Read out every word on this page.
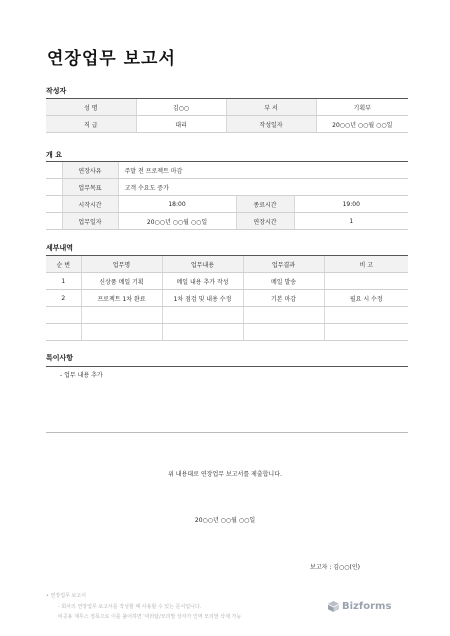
연장업무 보고서
작성자
성 명	김○○	부 서	기획부
직 급	대리	작성일자	20○○년 ○○월 ○○일
개 요
	연장사유	주말 전 프로젝트 마감		
	업무목표	고객 수요도 증가		
	시작시간	18:00	종료시간	19:00
	업무일자	20○○년 ○○월 ○○일	연장시간	1
세부내역
순 번	업무명	업무내용	업무결과	비 고
1	신상품 메일 기획	메일 내용 추가 작성	메일 발송	
2	프로젝트 1차 완료	1차 점검 및 내용 수정	기본 마감	필요 시 수정

특이사항
- 업무 내용 추가
위 내용대로 연장업무 보고서를 제출합니다.
20○○년 ○○월 ○○일
보고자 : 김○○(인)
• 연장업무 보고서
- 회사의 연장업무 보고서를 작성할 때 사용할 수 있는 문서입니다.
비공용 재무스 정목으로 이를 불어하면 '여러탐/모리맘 상자가 인역 모리맘 삭제 가능
Bizforms
